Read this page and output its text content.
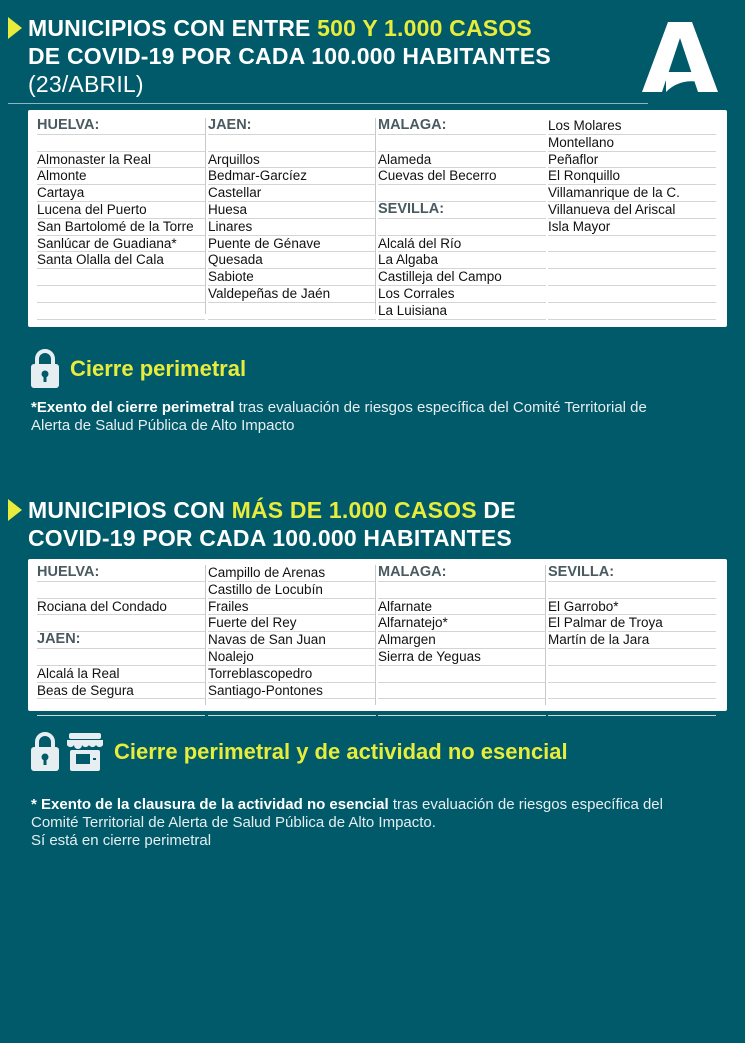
MUNICIPIOS CON ENTRE 500 Y 1.000 CASOS
DE COVID-19 POR CADA 100.000 HABITANTES
(23/ABRIL)
HUELVA:
Almonaster la Real
Almonte
Cartaya
Lucena del Puerto
San Bartolomé de la Torre
Sanlúcar de Guadiana*
Santa Olalla del Cala
JAÉN:
Arquillos
Bedmar-Garcíez
Castellar
Huesa
Linares
Puente de Génave
Quesada
Sabiote
Valdepeñas de Jaén
MÁLAGA:
Alameda
Cuevas del Becerro
SEVILLA:
Alcalá del Río
La Algaba
Castilleja del Campo
Los Corrales
La Luisiana
Los Molares
Montellano
Peñaflor
El Ronquillo
Villamanrique de la C.
Villanueva del Ariscal
Isla Mayor
Cierre perimetral
*Exento del cierre perimetral tras evaluación de riesgos específica del Comité Territorial de Alerta de Salud Pública de Alto Impacto
MUNICIPIOS CON MÁS DE 1.000 CASOS DE
COVID-19 POR CADA 100.000 HABITANTES
HUELVA:
Rociana del Condado
JAÉN:
Alcalá la Real
Beas de Segura
Campillo de Arenas
Castillo de Locubín
Frailes
Fuerte del Rey
Navas de San Juan
Noalejo
Torreblascopedro
Santiago-Pontones
MÁLAGA:
Alfarnate
Alfarnatejo*
Almargen
Sierra de Yeguas
SEVILLA:
El Garrobo*
El Palmar de Troya
Martín de la Jara
Cierre perimetral y de actividad no esencial
* Exento de la clausura de la actividad no esencial tras evaluación de riesgos específica del Comité Territorial de Alerta de Salud Pública de Alto Impacto.
Sí está en cierre perimetral
